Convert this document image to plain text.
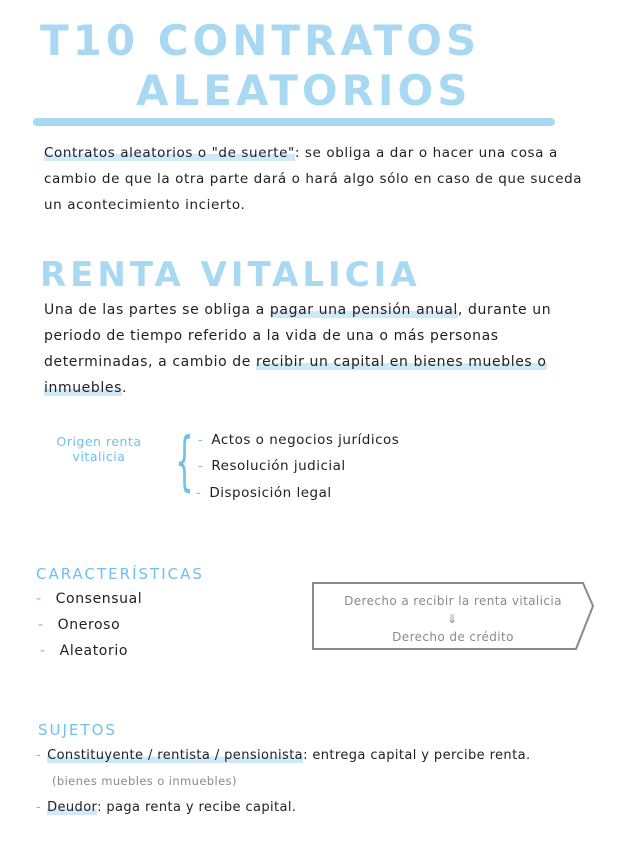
T10 CONTRATOS
ALEATORIOS
Contratos aleatorios o "de suerte": se obliga a dar o hacer una cosa a cambio de que la otra parte dará o hará algo sólo en caso de que suceda un acontecimiento incierto.
RENTA VITALICIA
Una de las partes se obliga a pagar una pensión anual, durante un periodo de tiempo referido a la vida de una o más personas determinadas, a cambio de recibir un capital en bienes muebles o inmuebles.
Origen renta vitalicia { - Actos o negocios jurídicos
- Resolución judicial
- Disposición legal
CARACTERÍSTICAS
- Consensual
- Oneroso
- Aleatorio
Derecho a recibir la renta vitalicia
⇓
Derecho de crédito
SUJETOS
- Constituyente / rentista / pensionista: entrega capital y percibe renta.
(bienes muebles o inmuebles)
- Deudor: paga renta y recibe capital.
